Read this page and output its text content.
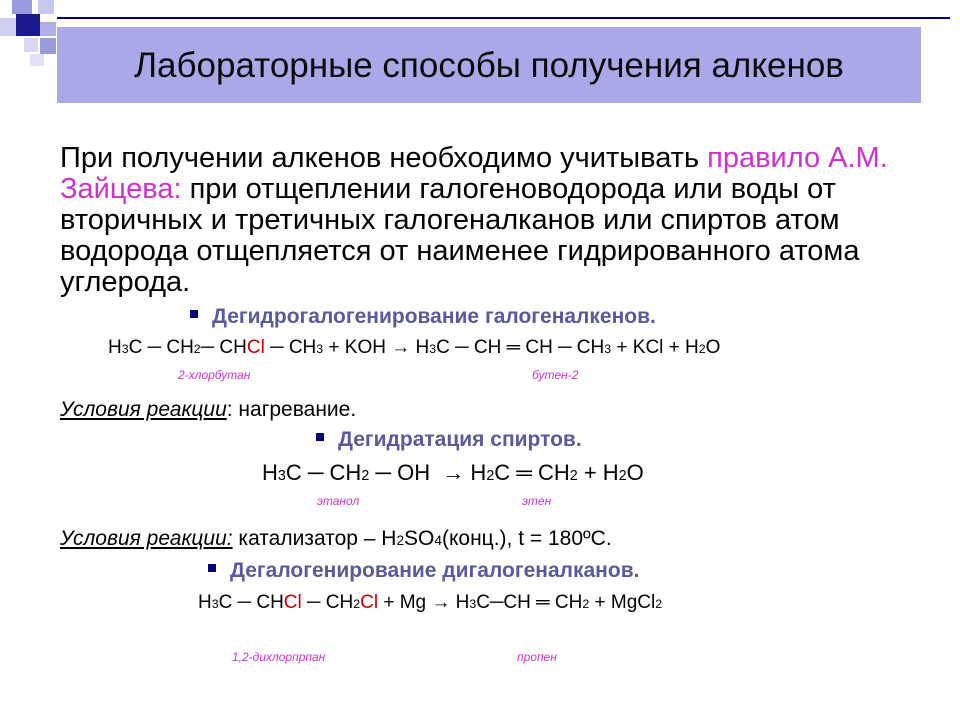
Лабораторные способы получения алкенов
При получении алкенов необходимо учитывать правило А.М. Зайцева: при отщеплении галогеноводорода или воды от вторичных и третичных галогеналканов или спиртов атом водорода отщепляется от наименее гидрированного атома углерода.
Дегидрогалогенирование галогеналкенов.
$H_3C$ ─ $CH_2─$ CHCl ─ $CH_3$ + KOH → $H_3C$ ─ CH ═ CH ─ $CH_3$ + KCl + $H_2O$
2-хлорбутан	бутен-2
Условия реакции: нагревание.
Дегидратация спиртов.
$H_3C$ ─ $CH_2$ ─ OH  → $H_2C$ ═ $CH_2 + H_2O$
этанол	этен
Условия реакции: катализатор – $H_2SO_4(конц.)$, t = 180ºC.
Дегалогенирование дигалогеналканов.
$H_3C$ ─ CHCl ─ $CH_2Cl + Mg$ → $H_3C─CH$ ═ $CH_2$ + MgCl$_2$
1,2-дихлорпрпан	пропен
